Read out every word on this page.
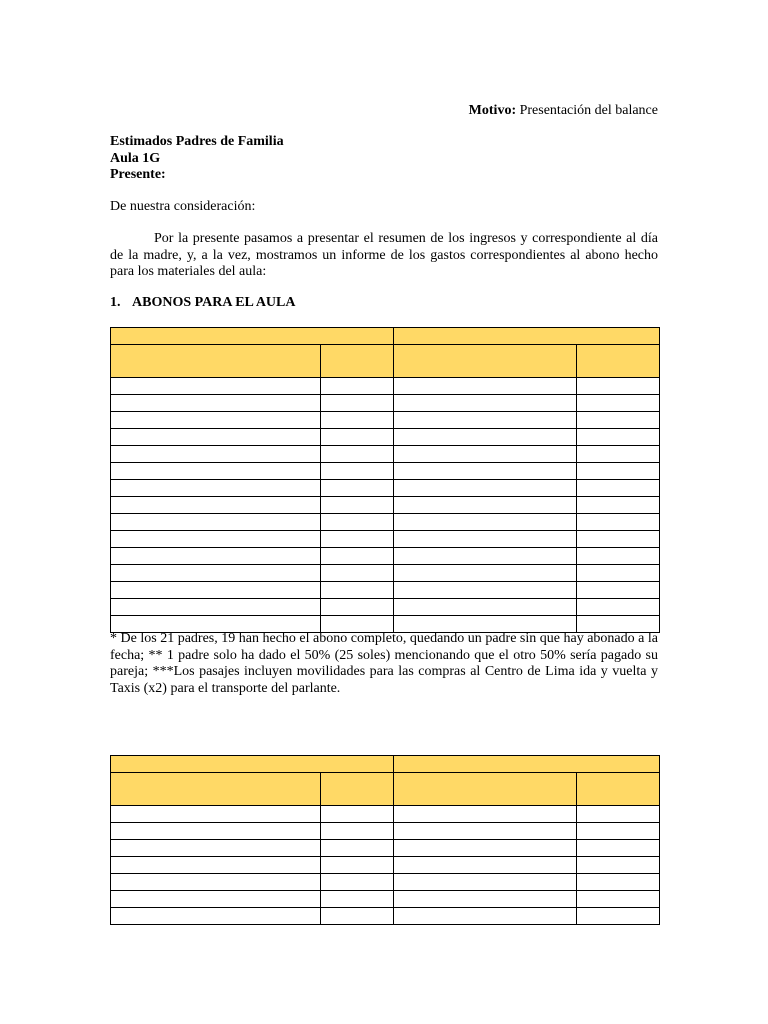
Motivo: Presentación del balance
Estimados Padres de Familia
Aula 1G
Presente:
De nuestra consideración:
Por la presente pasamos a presentar el resumen de los ingresos y correspondiente al día de la madre, y, a la vez, mostramos un informe de los gastos correspondientes al abono hecho para los materiales del aula:
1. ABONOS PARA EL AULA

* De los 21 padres, 19 han hecho el abono completo, quedando un padre sin que hay abonado a la fecha; ** 1 padre solo ha dado el 50% (25 soles) mencionando que el otro 50% sería pagado su pareja; ***Los pasajes incluyen movilidades para las compras al Centro de Lima ida y vuelta y Taxis (x2) para el transporte del parlante.
